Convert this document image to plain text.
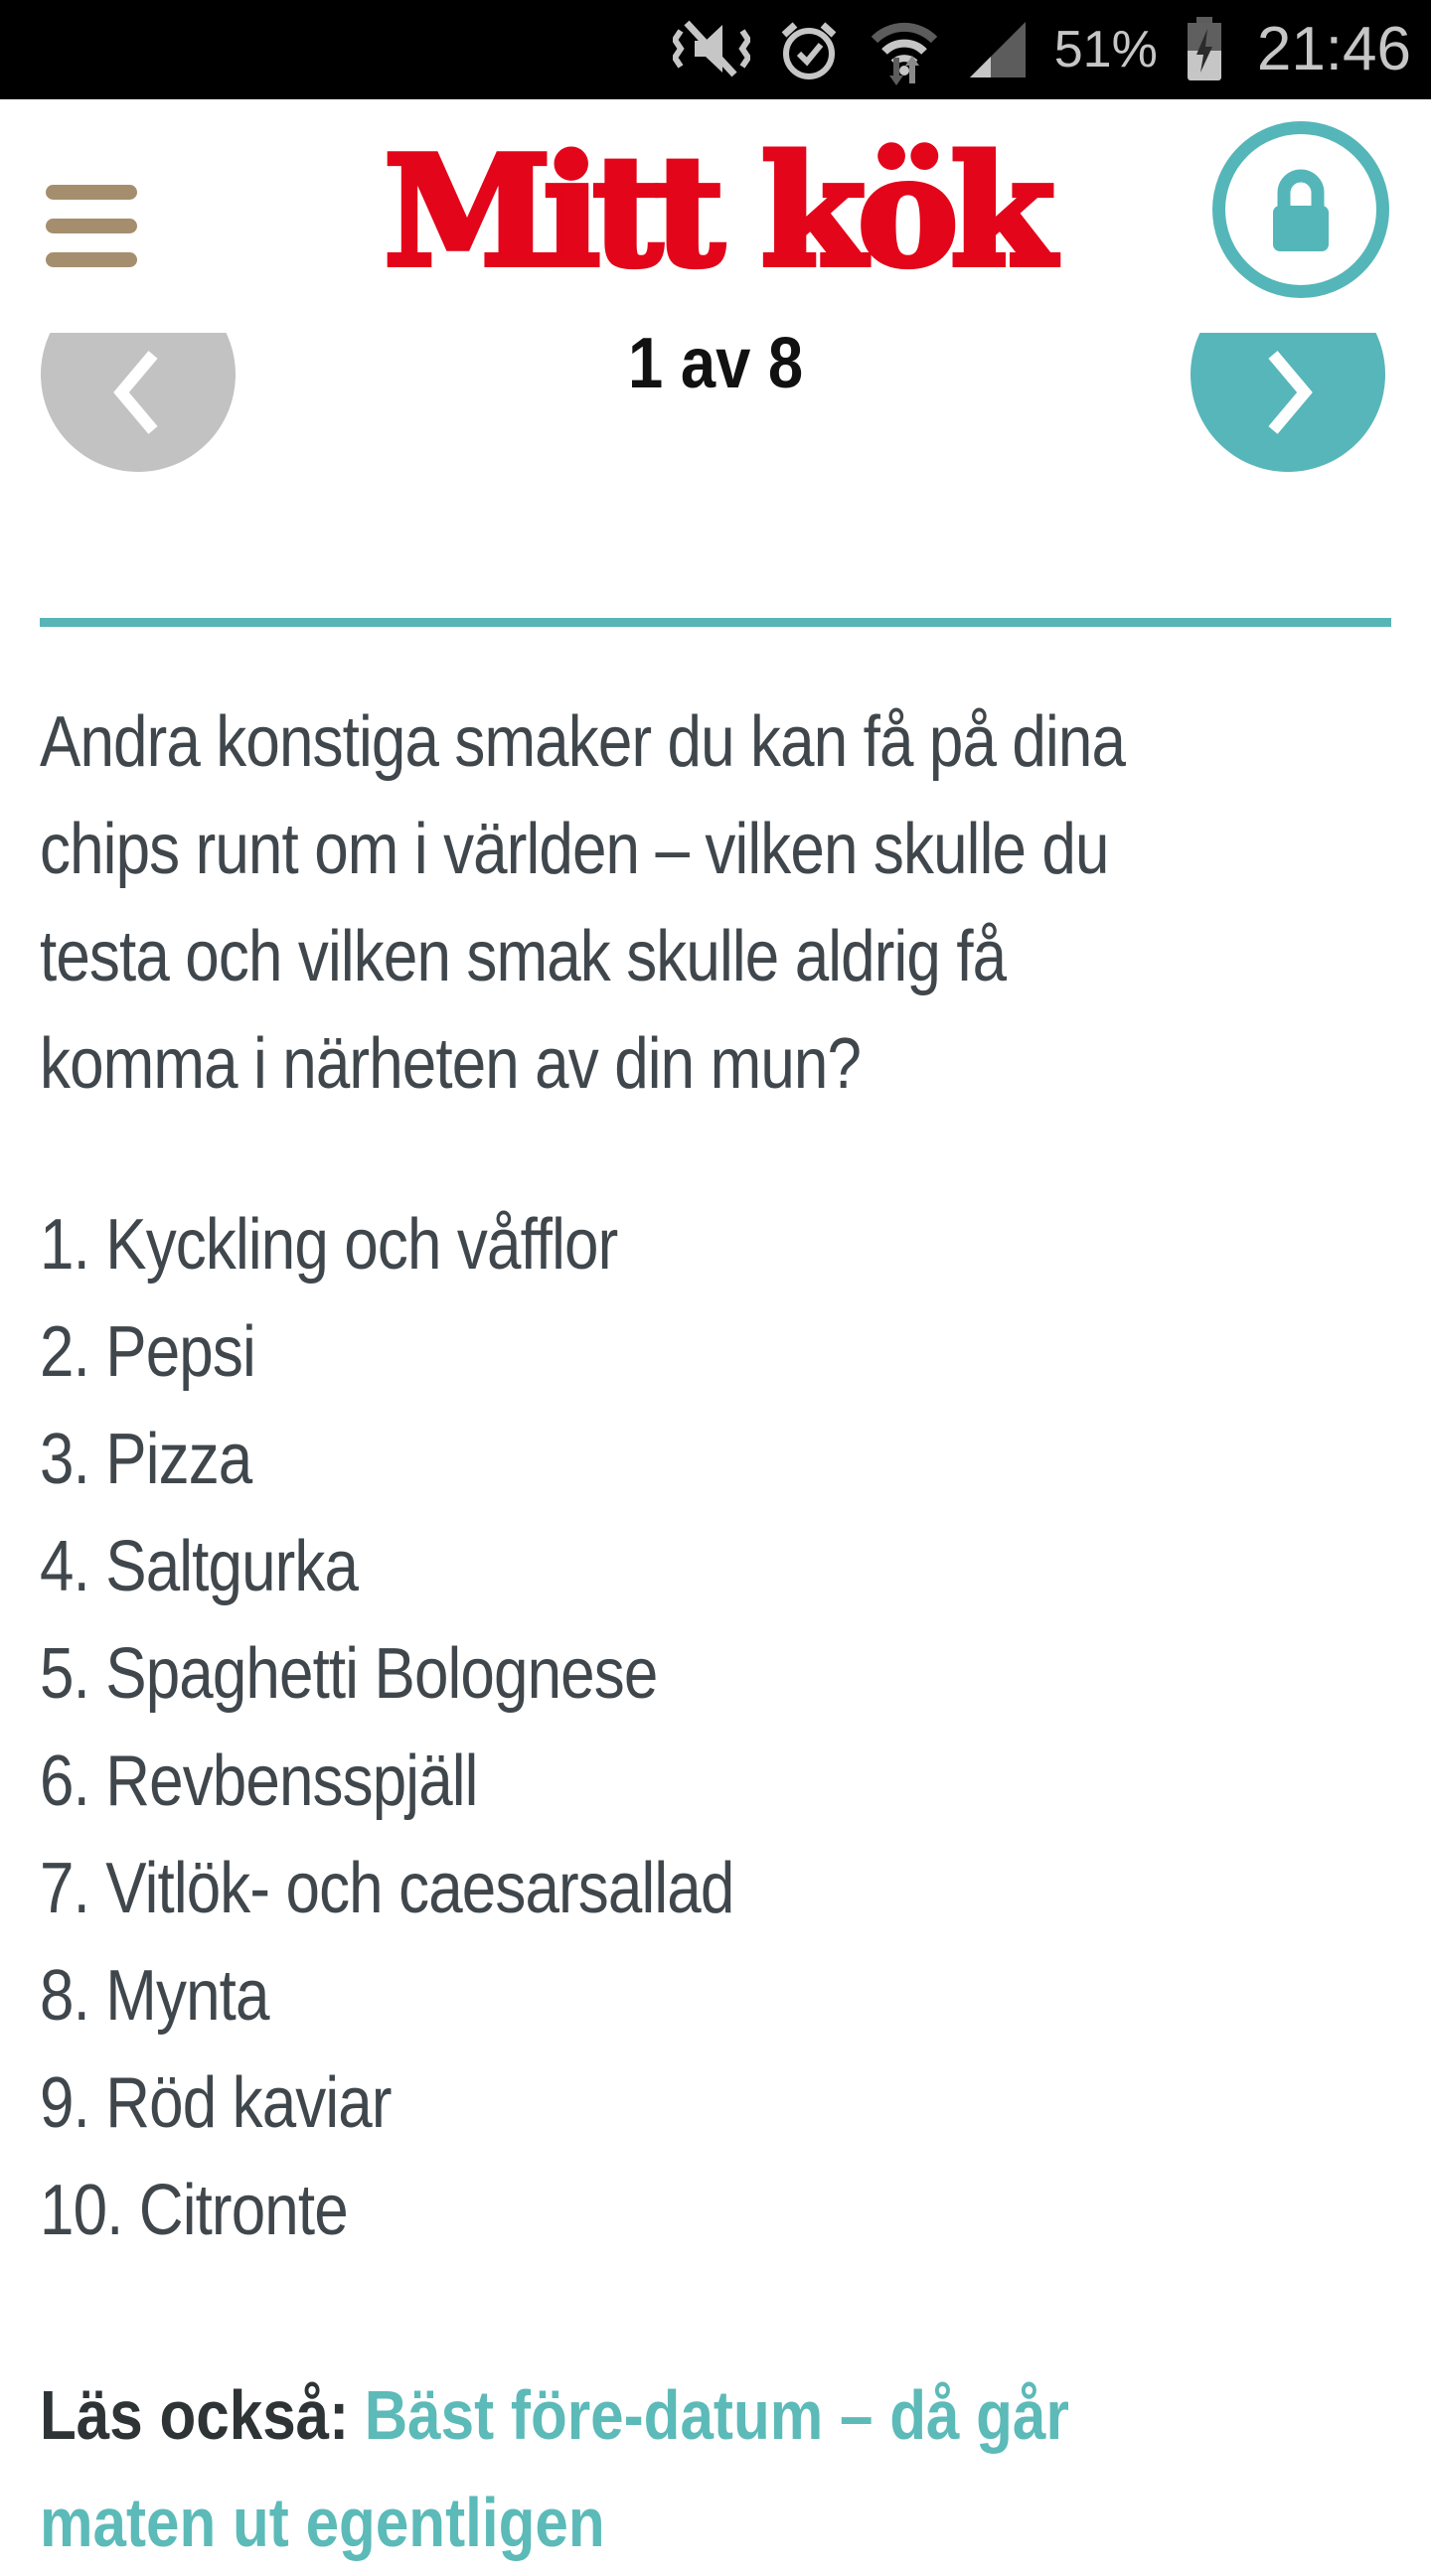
51% 21:46
Mitt kök
1 av 8
Andra konstiga smaker du kan få på dina
chips runt om i världen – vilken skulle du
testa och vilken smak skulle aldrig få
komma i närheten av din mun?
1. Kyckling och våfflor
2. Pepsi
3. Pizza
4. Saltgurka
5. Spaghetti Bolognese
6. Revbensspjäll
7. Vitlök- och caesarsallad
8. Mynta
9. Röd kaviar
10. Citronte
Läs också: Bäst före-datum – då går
maten ut egentligen
